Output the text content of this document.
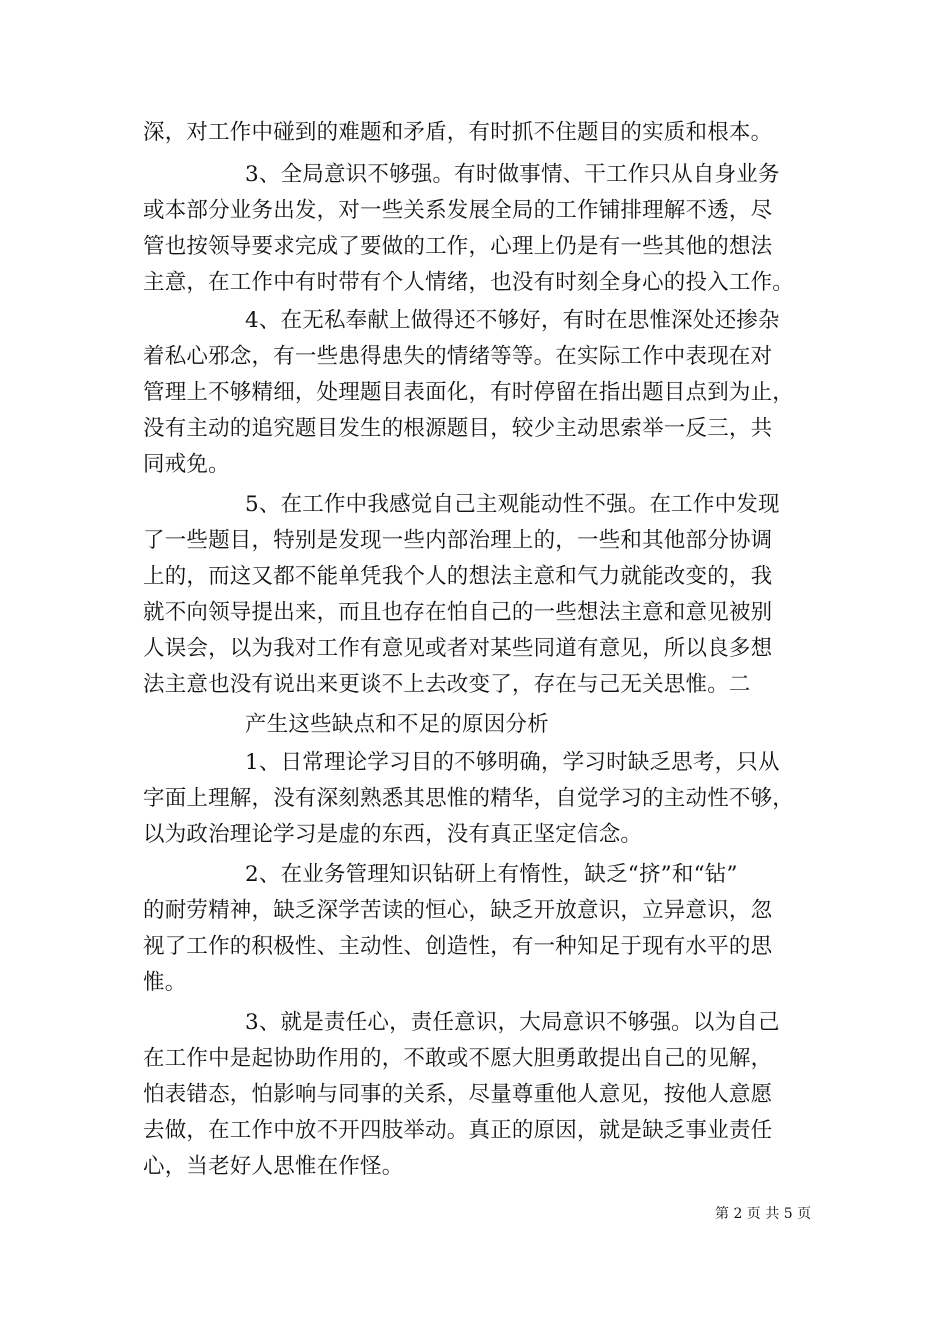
深，对工作中碰到的难题和矛盾，有时抓不住题目的实质和根本。
3、全局意识不够强。有时做事情、干工作只从自身业务
或本部分业务出发，对一些关系发展全局的工作铺排理解不透，尽
管也按领导要求完成了要做的工作，心理上仍是有一些其他的想法
主意，在工作中有时带有个人情绪，也没有时刻全身心的投入工作。
4、在无私奉献上做得还不够好，有时在思惟深处还掺杂
着私心邪念，有一些患得患失的情绪等等。在实际工作中表现在对
管理上不够精细，处理题目表面化，有时停留在指出题目点到为止，
没有主动的追究题目发生的根源题目，较少主动思索举一反三，共
同戒免。
5、在工作中我感觉自己主观能动性不强。在工作中发现
了一些题目，特别是发现一些内部治理上的，一些和其他部分协调
上的，而这又都不能单凭我个人的想法主意和气力就能改变的，我
就不向领导提出来，而且也存在怕自己的一些想法主意和意见被别
人误会，以为我对工作有意见或者对某些同道有意见，所以良多想
法主意也没有说出来更谈不上去改变了，存在与己无关思惟。二
产生这些缺点和不足的原因分析
1、日常理论学习目的不够明确，学习时缺乏思考，只从
字面上理解，没有深刻熟悉其思惟的精华，自觉学习的主动性不够，
以为政治理论学习是虚的东西，没有真正坚定信念。
2、在业务管理知识钻研上有惰性，缺乏“挤”和“钻”
的耐劳精神，缺乏深学苦读的恒心，缺乏开放意识，立异意识，忽
视了工作的积极性、主动性、创造性，有一种知足于现有水平的思
惟。
3、就是责任心，责任意识，大局意识不够强。以为自己
在工作中是起协助作用的，不敢或不愿大胆勇敢提出自己的见解，
怕表错态，怕影响与同事的关系，尽量尊重他人意见，按他人意愿
去做，在工作中放不开四肢举动。真正的原因，就是缺乏事业责任
心，当老好人思惟在作怪。
第 2 页 共 5 页
